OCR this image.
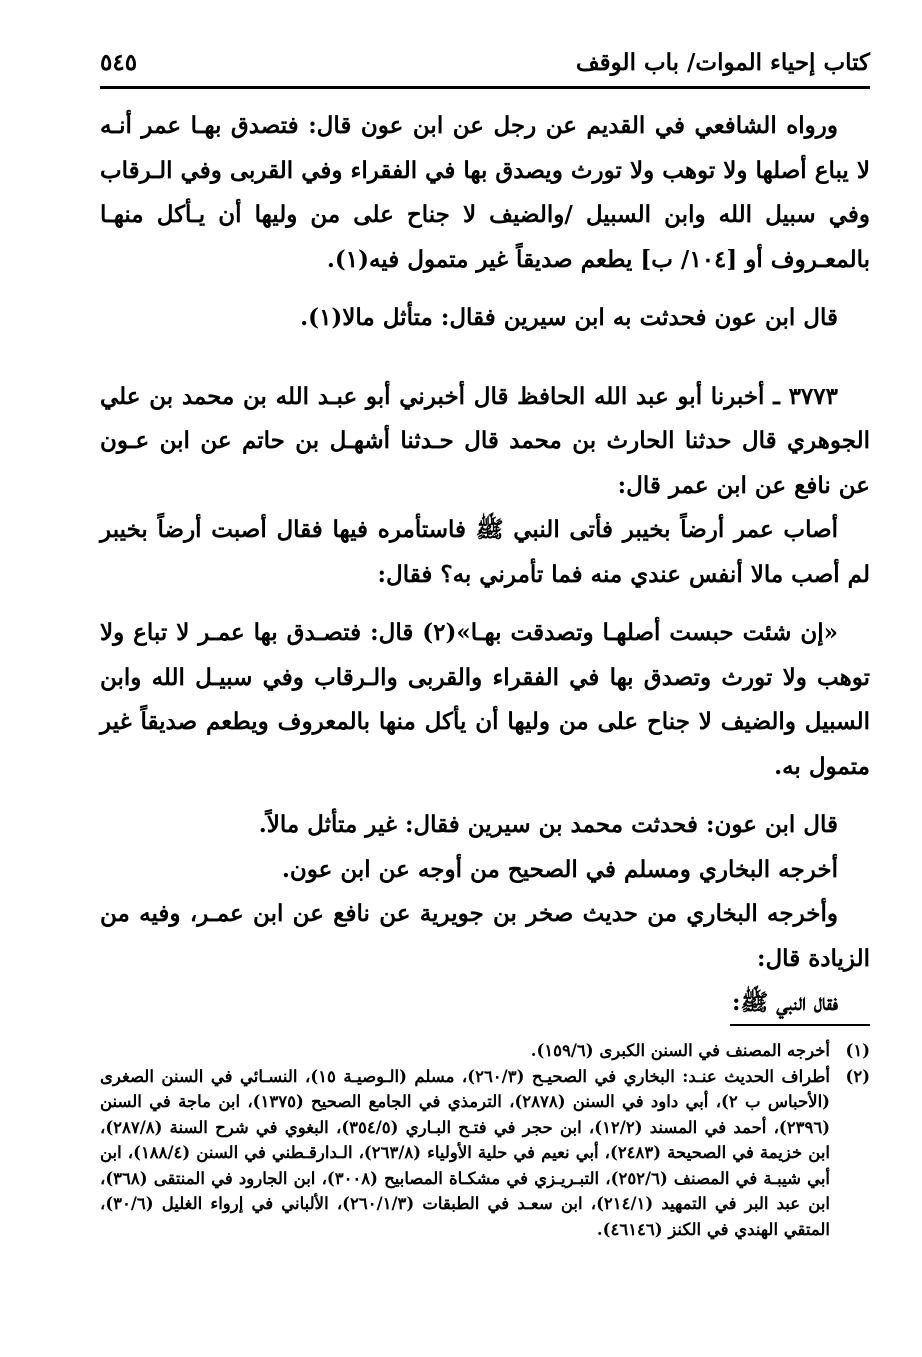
كتاب إحياء الموات/ باب الوقف
٥٤٥

ورواه الشافعي في القديم عن رجل عن ابن عون قال: فتصدق بهـا عمر أنـه لا يباع أصلها ولا توهب ولا تورث ويصدق بها في الفقراء وفي القربى وفي الـرقاب وفي سبيل الله وابن السبيل /والضيف لا جناح على من وليها أن يـأكل منهـا بالمعـروف أو [١٠٤/ ب] يطعم صديقاً غير متمول فيه(١).

قال ابن عون فحدثت به ابن سيرين فقال: متأثل مالا(١).

٣٧٧٣ ـ أخبرنا أبو عبد الله الحافظ قال أخبرني أبو عبـد الله بن محمد بن علي الجوهري قال حدثنا الحارث بن محمد قال حـدثنا أشهـل بن حاتم عن ابن عـون عن نافع عن ابن عمر قال:

أصاب عمر أرضاً بخيبر فأتى النبي ﷺ فاستأمره فيها فقال أصبت أرضاً بخيبر لم أصب مالا أنفس عندي منه فما تأمرني به؟ فقال:

«إن شئت حبست أصلهـا وتصدقت بهـا»(٢) قال: فتصـدق بها عمـر لا تباع ولا توهب ولا تورث وتصدق بها في الفقراء والقربى والـرقاب وفي سبيـل الله وابن السبيل والضيف لا جناح على من وليها أن يأكل منها بالمعروف ويطعم صديقاً غير متمول به.

قال ابن عون: فحدثت محمد بن سيرين فقال: غير متأثل مالاً.

أخرجه البخاري ومسلم في الصحيح من أوجه عن ابن عون.

وأخرجه البخاري من حديث صخر بن جويرية عن نافع عن ابن عمـر، وفيه من الزيادة قال:

فقال النبي ﷺ:

(١)
أخرجه المصنف في السنن الكبرى (١٥٩/٦).
(٢)
أطراف الحديث عنـد: البخاري في الصحيـح (٢٦٠/٣)، مسلم (الـوصيـة ١٥)، النسـائي في السنن الصغرى (الأحباس ب ٢)، أبي داود في السنن (٢٨٧٨)، الترمذي في الجامع الصحيح (١٣٧٥)، ابن ماجة في السنن (٢٣٩٦)، أحمد في المسند (١٢/٢)، ابن حجر في فتـح البـاري (٣٥٤/٥)، البغوي في شرح السنة (٢٨٧/٨)، ابن خزيمة في الصحيحة (٢٤٨٣)، أبي نعيم في حلية الأولياء (٢٦٣/٨)، الـدارقـطني في السنن (١٨٨/٤)، ابن أبي شيبـة في المصنف (٢٥٢/٦)، التبـريـزي في مشكـاة المصابيح (٣٠٠٨)، ابن الجارود في المنتقى (٣٦٨)، ابن عبد البر في التمهيد (٢١٤/١)، ابن سعـد في الطبقات (٢٦٠/١/٣)، الألباني في إرواء الغليل (٣٠/٦)، المتقي الهندي في الكنز (٤٦١٤٦).
